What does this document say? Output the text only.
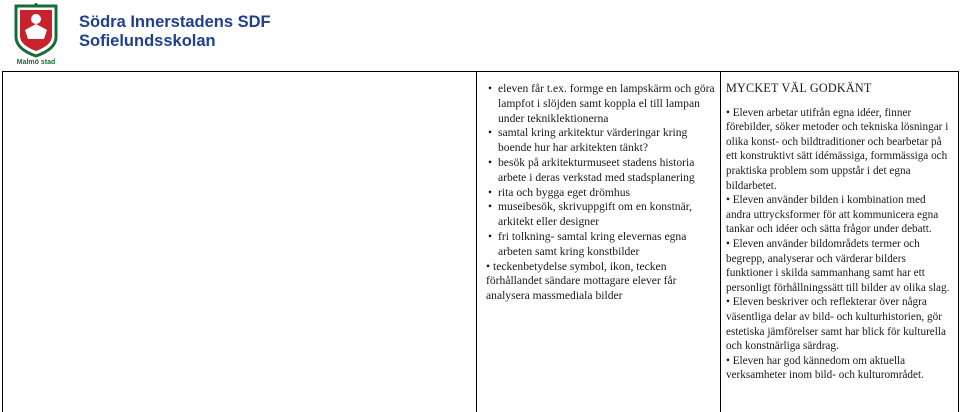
Malmö stad
Södra Innerstadens SDF
Sofielundsskolan
• eleven får t.ex. formge en lampskärm och göra lampfot i slöjden samt koppla el till lampan under tekniklektionerna
• samtal kring arkitektur värderingar kring boende hur har arkitekten tänkt?
• besök på arkitekturmuseet stadens historia arbete i deras verkstad med stadsplanering
• rita och bygga eget drömhus
• museibesök, skrivuppgift om en konstnär, arkitekt eller designer
• fri tolkning- samtal kring elevernas egna arbeten samt kring konstbilder
• teckenbetydelse symbol, ikon, tecken förhållandet sändare mottagare elever får analysera massmediala bilder
MYCKET VÄL GODKÄNT
• Eleven arbetar utifrån egna idéer, finner förebilder, söker metoder och tekniska lösningar i olika konst- och bildtraditioner och bearbetar på ett konstruktivt sätt idémässiga, formmässiga och praktiska problem som uppstår i det egna bildarbetet.
• Eleven använder bilden i kombination med andra uttrycksformer för att kommunicera egna tankar och idéer och sätta frågor under debatt.
• Eleven använder bildområdets termer och begrepp, analyserar och värderar bilders funktioner i skilda sammanhang samt har ett personligt förhållningssätt till bilder av olika slag.
• Eleven beskriver och reflekterar över några väsentliga delar av bild- och kulturhistorien, gör estetiska jämförelser samt har blick för kulturella och konstnärliga särdrag.
• Eleven har god kännedom om aktuella verksamheter inom bild- och kulturområdet.
